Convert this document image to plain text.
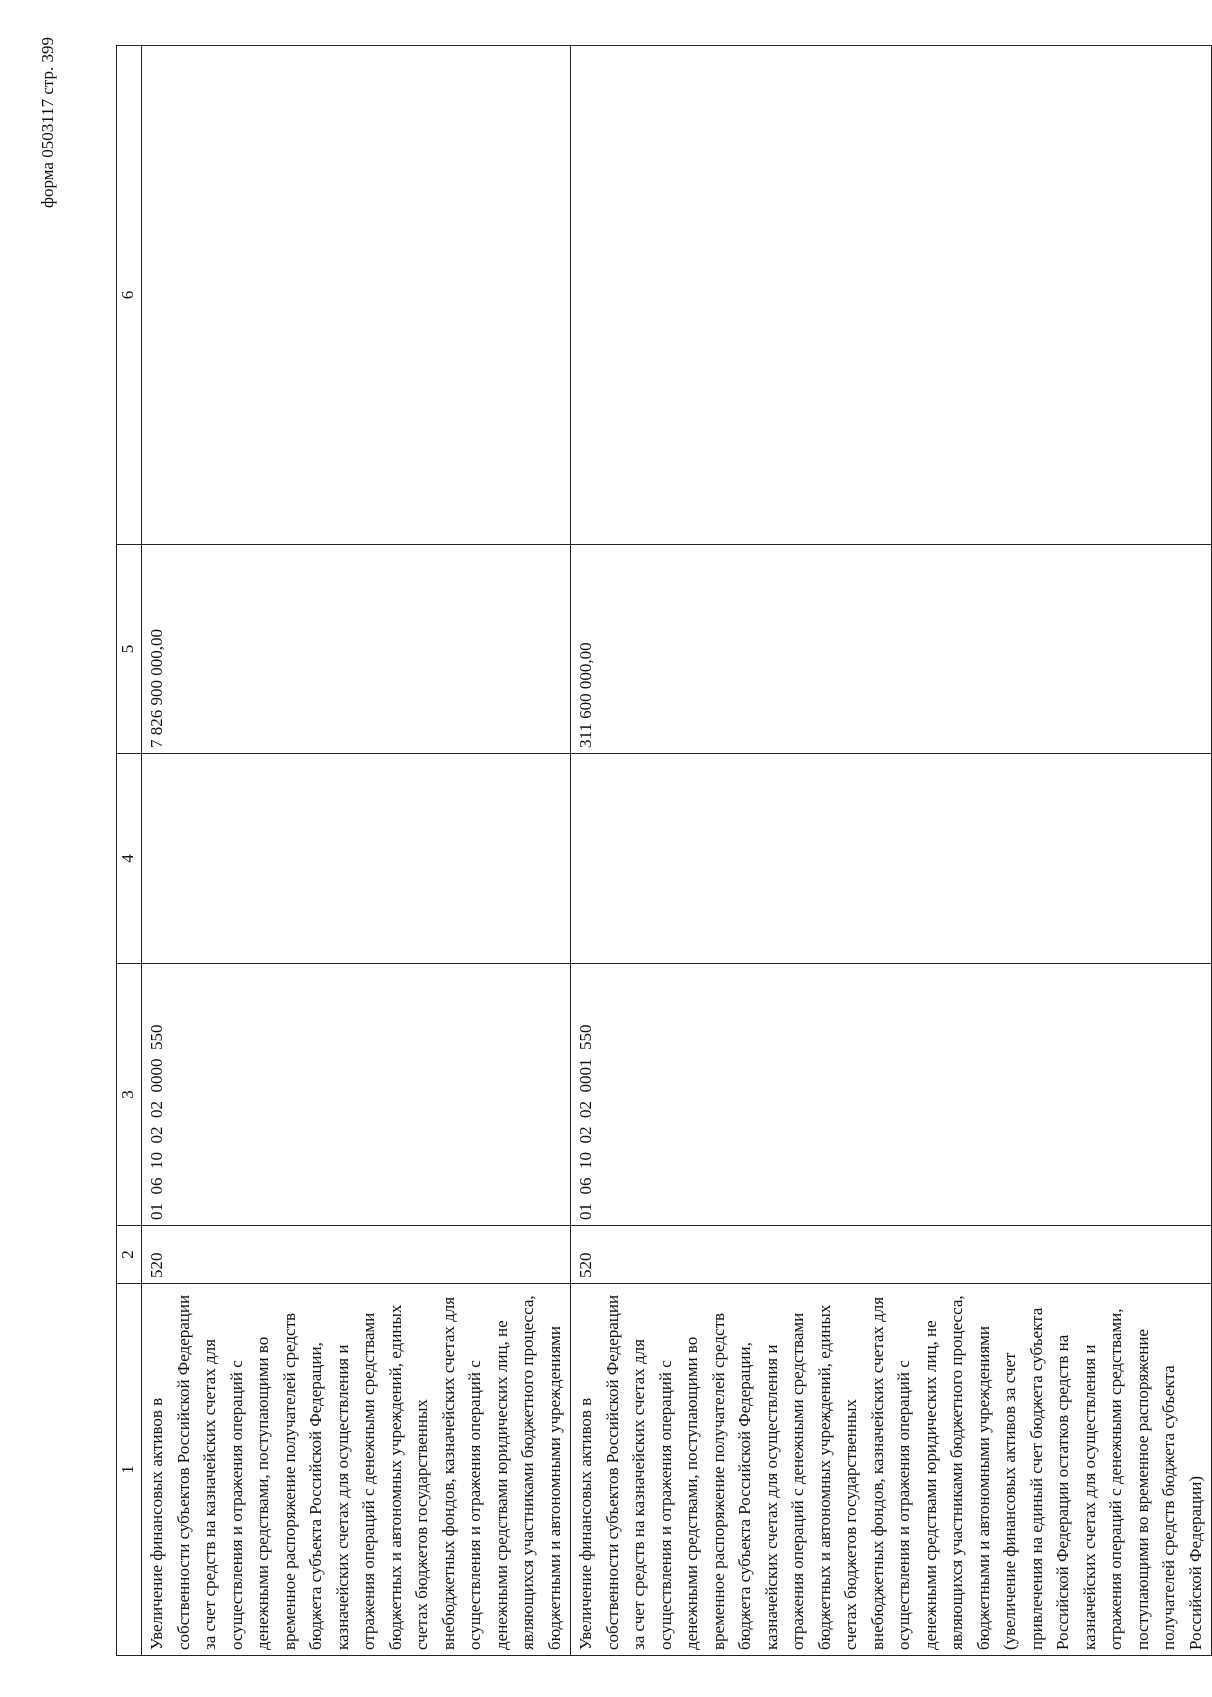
форма 0503117 стр. 399
1	2	3	4	5	6
Увеличение финансовых активов в собственности субъектов Российской Федерации за счет средств на казначейских счетах для осуществления и отражения операций с денежными средствами, поступающими во временное распоряжение получателей средств бюджета субъекта Российской Федерации, казначейских счетах для осуществления и отражения операций с денежными средствами бюджетных и автономных учреждений, единых счетах бюджетов государственных внебюджетных фондов, казначейских счетах для осуществления и отражения операций с денежными средствами юридических лиц, не являющихся участниками бюджетного процесса, бюджетными и автономными учреждениями	520	01  06  10  02  02  0000  550		7 826 900 000,00	
Увеличение финансовых активов в собственности субъектов Российской Федерации за счет средств на казначейских счетах для осуществления и отражения операций с денежными средствами, поступающими во временное распоряжение получателей средств бюджета субъекта Российской Федерации, казначейских счетах для осуществления и отражения операций с денежными средствами бюджетных и автономных учреждений, единых счетах бюджетов государственных внебюджетных фондов, казначейских счетах для осуществления и отражения операций с денежными средствами юридических лиц, не являющихся участниками бюджетного процесса, бюджетными и автономными учреждениями (увеличение финансовых активов за счет привлечения на единый счет бюджета субъекта Российской Федерации остатков средств на казначейских счетах для осуществления и отражения операций с денежными средствами, поступающими во временное распоряжение получателей средств бюджета субъекта Российской Федерации)	520	01  06  10  02  02  0001  550		311 600 000,00	
